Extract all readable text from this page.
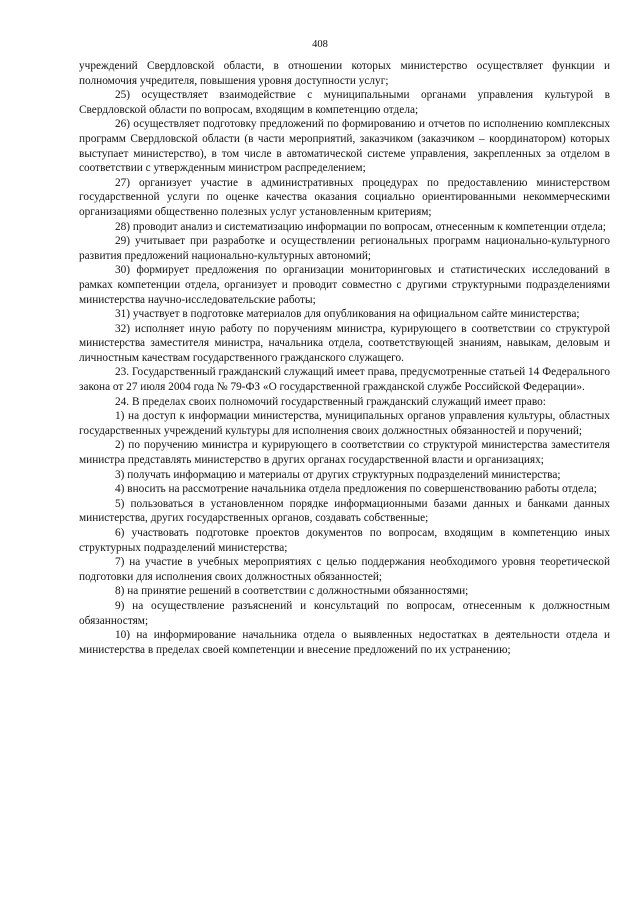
408

учреждений Свердловской области, в отношении которых министерство осуществляет функции и полномочия учредителя, повышения уровня доступности услуг;

25) осуществляет взаимодействие с муниципальными органами управления культурой в Свердловской области по вопросам, входящим в компетенцию отдела;

26) осуществляет подготовку предложений по формированию и отчетов по исполнению комплексных программ Свердловской области (в части мероприятий, заказчиком (заказчиком – координатором) которых выступает министерство), в том числе в автоматической системе управления, закрепленных за отделом в соответствии с утвержденным министром распределением;

27) организует участие в административных процедурах по предоставлению министерством государственной услуги по оценке качества оказания социально ориентированными некоммерческими организациями общественно полезных услуг установленным критериям;

28) проводит анализ и систематизацию информации по вопросам, отнесенным к компетенции отдела;

29) учитывает при разработке и осуществлении региональных программ национально-культурного развития предложений национально-культурных автономий;

30) формирует предложения по организации мониторинговых и статистических исследований в рамках компетенции отдела, организует и проводит совместно с другими структурными подразделениями министерства научно-исследовательские работы;

31) участвует в подготовке материалов для опубликования на официальном сайте министерства;

32) исполняет иную работу по поручениям министра, курирующего в соответствии со структурой министерства заместителя министра, начальника отдела, соответствующей знаниям, навыкам, деловым и личностным качествам государственного гражданского служащего.

23. Государственный гражданский служащий имеет права, предусмотренные статьей 14 Федерального закона от 27 июля 2004 года № 79-ФЗ «О государственной гражданской службе Российской Федерации».

24. В пределах своих полномочий государственный гражданский служащий имеет право:

1) на доступ к информации министерства, муниципальных органов управления культуры, областных государственных учреждений культуры для исполнения своих должностных обязанностей и поручений;

2) по поручению министра и курирующего в соответствии со структурой министерства заместителя министра представлять министерство в других органах государственной власти и организациях;

3) получать информацию и материалы от других структурных подразделений министерства;

4) вносить на рассмотрение начальника отдела предложения по совершенствованию работы отдела;

5) пользоваться в установленном порядке информационными базами данных и банками данных министерства, других государственных органов, создавать собственные;

6) участвовать подготовке проектов документов по вопросам, входящим в компетенцию иных структурных подразделений министерства;

7) на участие в учебных мероприятиях с целью поддержания необходимого уровня теоретической подготовки для исполнения своих должностных обязанностей;

8) на принятие решений в соответствии с должностными обязанностями;

9) на осуществление разъяснений и консультаций по вопросам, отнесенным к должностным обязанностям;

10) на информирование начальника отдела о выявленных недостатках в деятельности отдела и министерства в пределах своей компетенции и внесение предложений по их устранению;
